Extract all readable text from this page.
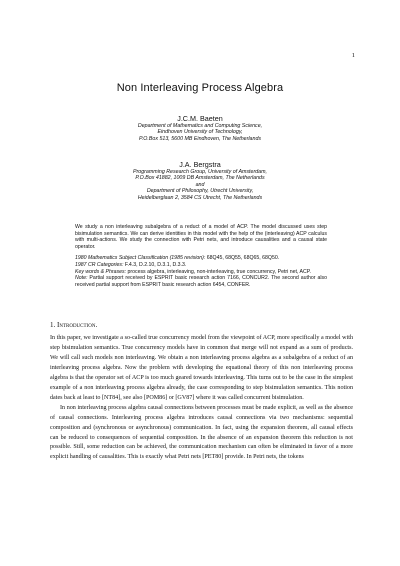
1
Non Interleaving Process Algebra
J.C.M. Baeten
Department of Mathematics and Computing Science,
Eindhoven University of Technology,
P.O.Box 513, 5600 MB Eindhoven, The Netherlands
J.A. Bergstra
Programming Research Group, University of Amsterdam,
P.O.Box 41882, 1009 DB Amsterdam, The Netherlands
and
Department of Philosophy, Utrecht University,
Heidelberglaan 2, 3584 CS Utrecht, The Netherlands

We study a non interleaving subalgebra of a reduct of a model of ACP. The model discussed uses step bisimulation semantics. We can derive identities in this model with the help of the (interleaving) ACP calculus with multi-actions. We study the connection with Petri nets, and introduce causalities and a causal state operator.

1980 Mathematics Subject Classification (1985 revision): 68Q45, 68Q55, 68Q65, 68Q50.
1987 CR Categories: F.4.3, D.2.10, D.3.1, D.3.3.
Key words & Phrases: process algebra, interleaving, non-interleaving, true concurrency, Petri net, ACP.
Note: Partial support received by ESPRIT basic research action 7166, CONCUR2. The second author also received partial support from ESPRIT basic research action 6454, CONFER.

1. Introduction.

In this paper, we investigate a so-called true concurrency model from the viewpoint of ACP, more specifically a model with step bisimulation semantics. True concurrency models have in common that merge will not expand as a sum of products. We will call such models non interleaving. We obtain a non interleaving process algebra as a subalgebra of a reduct of an interleaving process algebra. Now the problem with developing the equational theory of this non interleaving process algebra is that the operator set of ACP is too much geared towards interleaving. This turns out to be the case in the simplest example of a non interleaving process algebra already, the case corresponding to step bisimulation semantics. This notion dates back at least to [NT84], see also [POM86] or [GV87] where it was called concurrent bisimulation.

In non interleaving process algebra causal connections between processes must be made explicit, as well as the absence of causal connections. Interleaving process algebra introduces causal connections via two mechanisms: sequential composition and (synchronous or asynchronous) communication. In fact, using the expansion theorem, all causal effects can be reduced to consequences of sequential composition. In the absence of an expansion theorem this reduction is not possible. Still, some reduction can be achieved, the communication mechanism can often be eliminated in favor of a more explicit handling of causalities. This is exactly what Petri nets [PET80] provide. In Petri nets, the tokens
